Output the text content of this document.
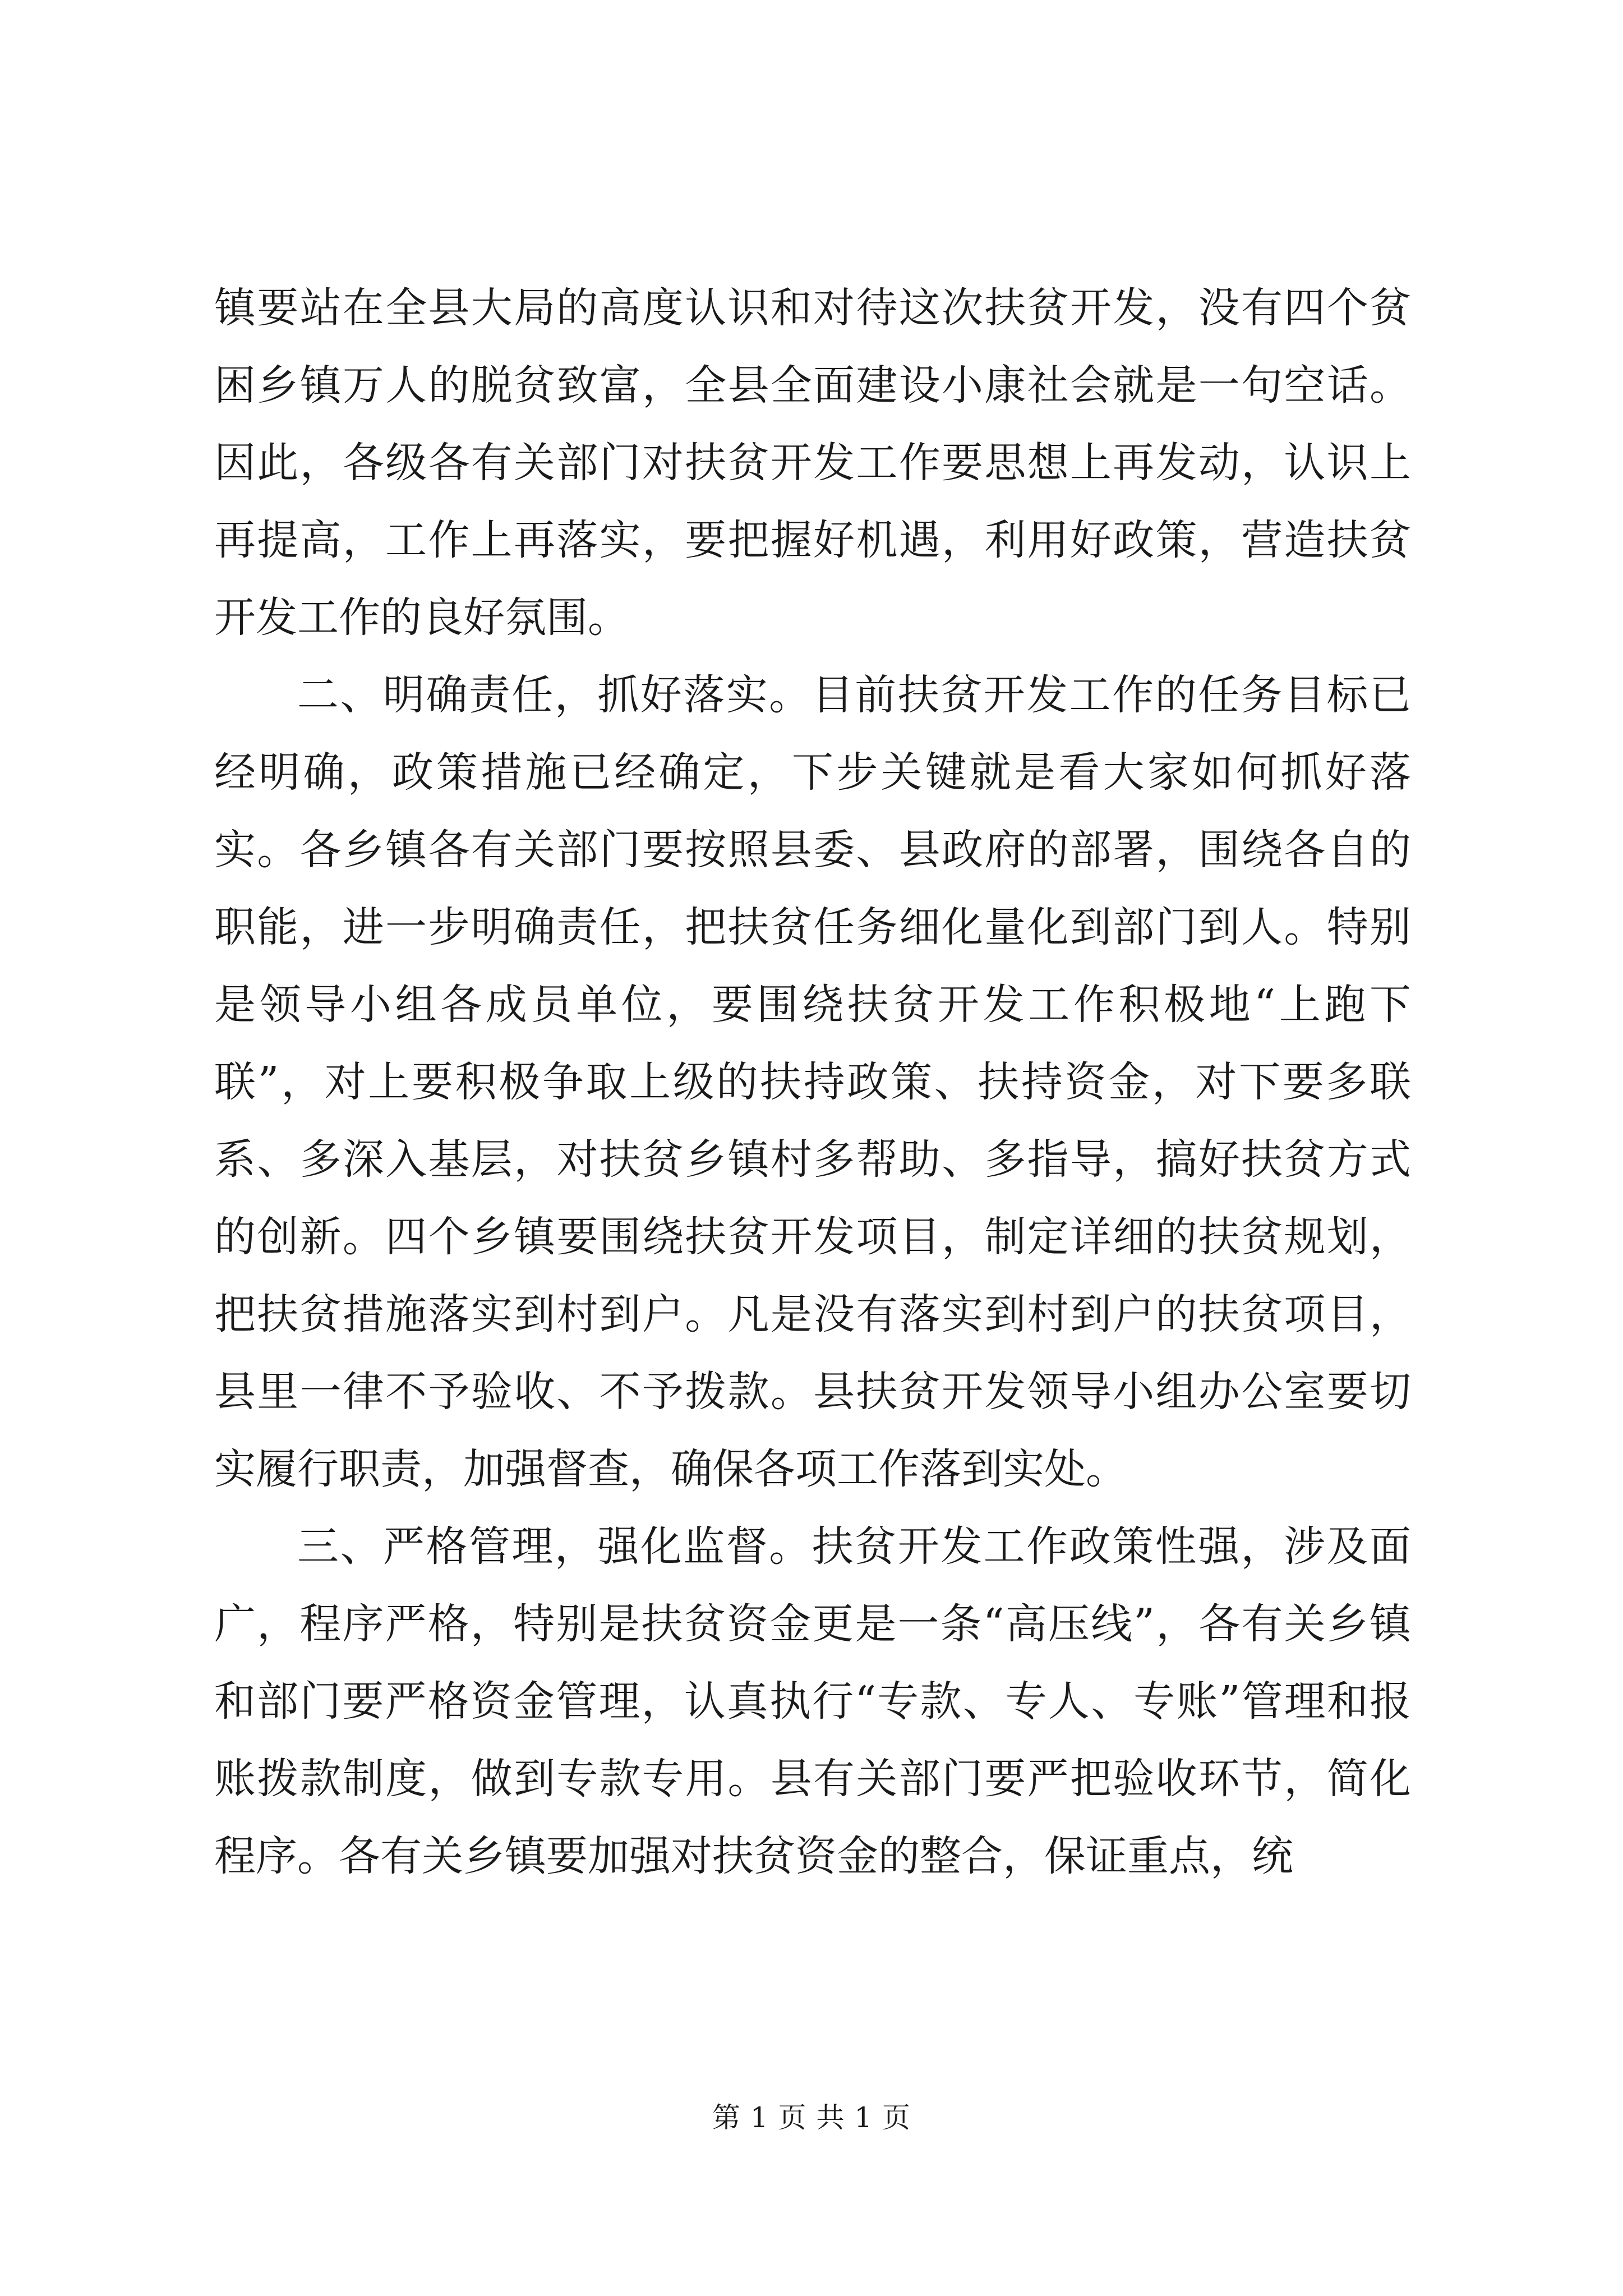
镇要站在全县大局的高度认识和对待这次扶贫开发，没有四个贫困乡镇万人的脱贫致富，全县全面建设小康社会就是一句空话。因此，各级各有关部门对扶贫开发工作要思想上再发动，认识上再提高，工作上再落实，要把握好机遇，利用好政策，营造扶贫开发工作的良好氛围。

二、明确责任，抓好落实。目前扶贫开发工作的任务目标已经明确，政策措施已经确定，下步关键就是看大家如何抓好落实。各乡镇各有关部门要按照县委、县政府的部署，围绕各自的职能，进一步明确责任，把扶贫任务细化量化到部门到人。特别是领导小组各成员单位，要围绕扶贫开发工作积极地“上跑下联”，对上要积极争取上级的扶持政策、扶持资金，对下要多联系、多深入基层，对扶贫乡镇村多帮助、多指导，搞好扶贫方式的创新。四个乡镇要围绕扶贫开发项目，制定详细的扶贫规划，把扶贫措施落实到村到户。凡是没有落实到村到户的扶贫项目，县里一律不予验收、不予拨款。县扶贫开发领导小组办公室要切实履行职责，加强督查，确保各项工作落到实处。

三、严格管理，强化监督。扶贫开发工作政策性强，涉及面广，程序严格，特别是扶贫资金更是一条“高压线”，各有关乡镇和部门要严格资金管理，认真执行“专款、专人、专账”管理和报账拨款制度，做到专款专用。县有关部门要严把验收环节，简化程序。各有关乡镇要加强对扶贫资金的整合，保证重点，统

第 1 页 共 1 页
